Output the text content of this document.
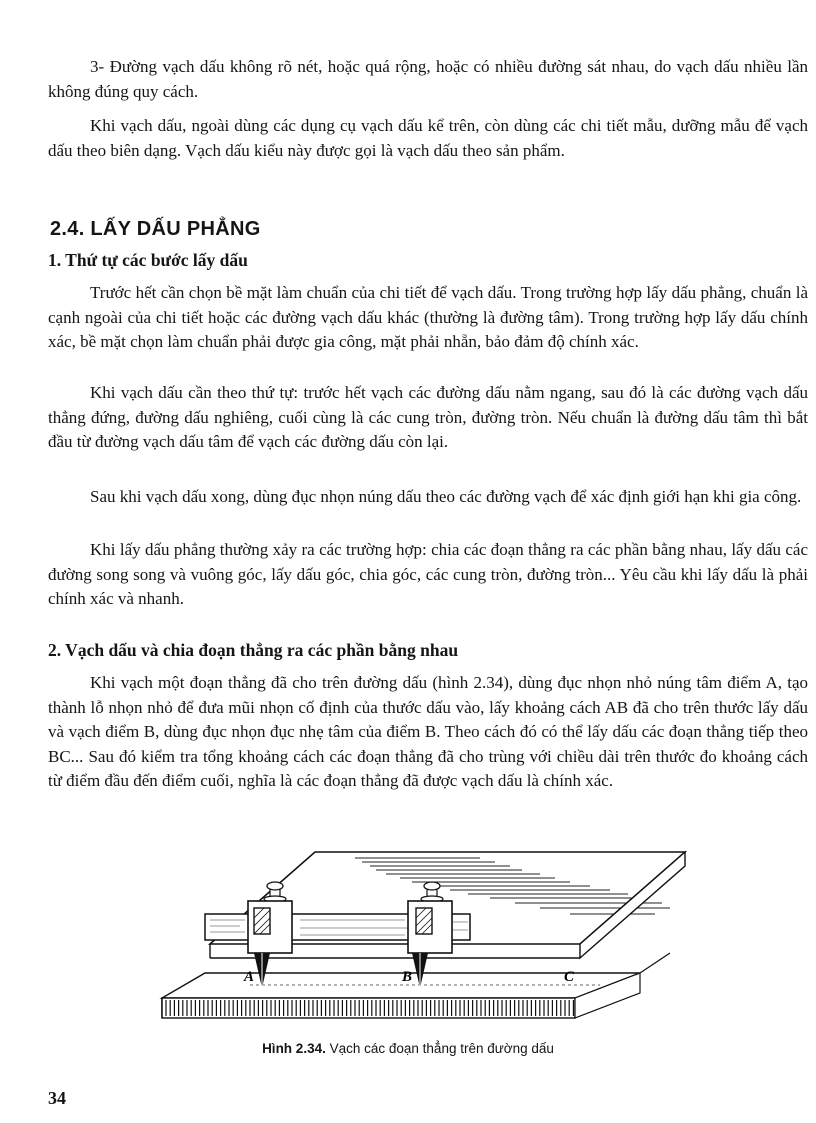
3- Đường vạch dấu không rõ nét, hoặc quá rộng, hoặc có nhiều đường sát nhau, do vạch dấu nhiều lần không đúng quy cách.

Khi vạch dấu, ngoài dùng các dụng cụ vạch dấu kể trên, còn dùng các chi tiết mẫu, dưỡng mẫu để vạch dấu theo biên dạng. Vạch dấu kiểu này được gọi là vạch dấu theo sản phẩm.

2.4. LẤY DẤU PHẲNG
1. Thứ tự các bước lấy dấu

Trước hết cần chọn bề mặt làm chuẩn của chi tiết để vạch dấu. Trong trường hợp lấy dấu phẳng, chuẩn là cạnh ngoài của chi tiết hoặc các đường vạch dấu khác (thường là đường tâm). Trong trường hợp lấy dấu chính xác, bề mặt chọn làm chuẩn phải được gia công, mặt phải nhẵn, bảo đảm độ chính xác.

Khi vạch dấu cần theo thứ tự: trước hết vạch các đường dấu nằm ngang, sau đó là các đường vạch dấu thẳng đứng, đường dấu nghiêng, cuối cùng là các cung tròn, đường tròn. Nếu chuẩn là đường dấu tâm thì bắt đầu từ đường vạch dấu tâm để vạch các đường dấu còn lại.

Sau khi vạch dấu xong, dùng đục nhọn núng dấu theo các đường vạch để xác định giới hạn khi gia công.

Khi lấy dấu phẳng thường xảy ra các trường hợp: chia các đoạn thẳng ra các phần bằng nhau, lấy dấu các đường song song và vuông góc, lấy dấu góc, chia góc, các cung tròn, đường tròn... Yêu cầu khi lấy dấu là phải chính xác và nhanh.

2. Vạch dấu và chia đoạn thẳng ra các phần bằng nhau

Khi vạch một đoạn thẳng đã cho trên đường dấu (hình 2.34), dùng đục nhọn nhỏ núng tâm điểm A, tạo thành lỗ nhọn nhỏ để đưa mũi nhọn cố định của thước dấu vào, lấy khoảng cách AB đã cho trên thước lấy dấu và vạch điểm B, dùng đục nhọn đục nhẹ tâm của điểm B. Theo cách đó có thể lấy dấu các đoạn thẳng tiếp theo BC... Sau đó kiểm tra tổng khoảng cách các đoạn thẳng đã cho trùng với chiều dài trên thước đo khoảng cách từ điểm đầu đến điểm cuối, nghĩa là các đoạn thẳng đã được vạch dấu là chính xác.

A	B	C
Hình 2.34. Vạch các đoạn thẳng trên đường dấu
34
